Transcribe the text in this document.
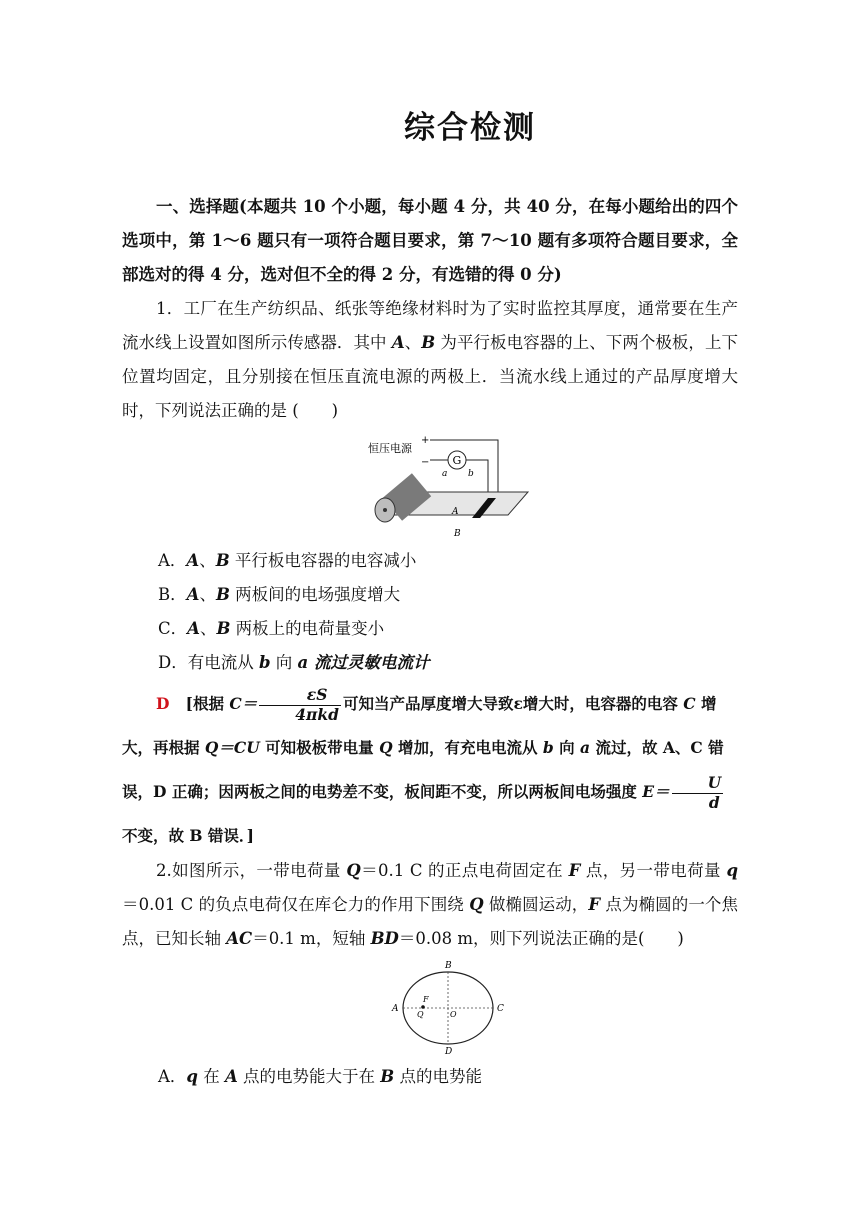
综合检测
一、选择题(本题共 10 个小题，每小题 4 分，共 40 分，在每小题给出的四个选项中，第 1～6 题只有一项符合题目要求，第 7～10 题有多项符合题目要求，全部选对的得 4 分，选对但不全的得 2 分，有选错的得 0 分)
1．工厂在生产纺织品、纸张等绝缘材料时为了实时监控其厚度，通常要在生产流水线上设置如图所示传感器．其中 A、B 为平行板电容器的上、下两个极板，上下位置均固定，且分别接在恒压直流电源的两极上．当流水线上通过的产品厚度增大时，下列说法正确的是 (　　)
恒压电源
+
− G
a b
A
B
A．A、B 平行板电容器的电容减小
B．A、B 两板间的电场强度增大
C．A、B 两板上的电荷量变小
D．有电流从 b 向 a 流过灵敏电流计
D [根据 $C= \frac{\varepsilon S}{\text{4πkd}}$ 可知当产品厚度增大导致ε增大时，电容器的电容 C 增大，再根据 Q＝CU 可知极板带电量 Q 增加，有充电电流从 b 向 a 流过，故 A、C 错误，D 正确；因两板之间的电势差不变，板间距不变，所以两板间电场强度 $E= \frac{U}{d}$
不变，故 B 错误．]
2.如图所示，一带电荷量 Q＝0.1 C 的正点电荷固定在 F 点，另一带电荷量 q＝0.01 C 的负点电荷仅在库仑力的作用下围绕 Q 做椭圆运动，F 点为椭圆的一个焦点，已知长轴 AC＝0.1 m，短轴 BD＝0.08 m，则下列说法正确的是(　　)
A
B
C
D
F
Q	O
A．q 在 A 点的电势能大于在 B 点的电势能
